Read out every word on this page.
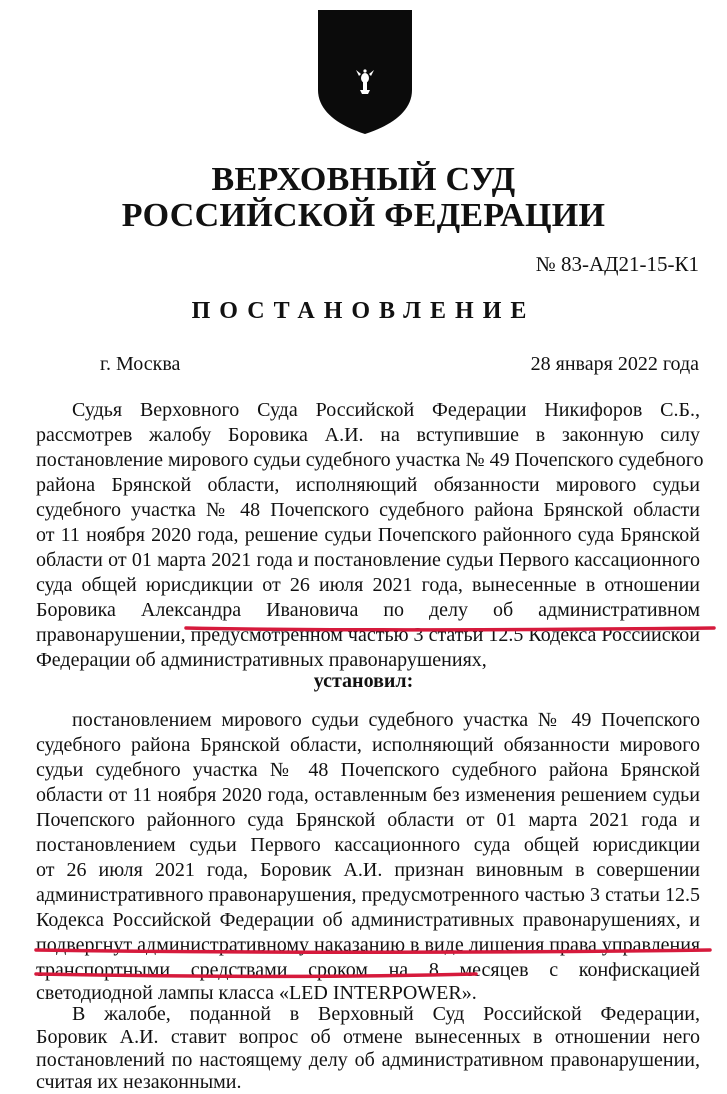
ВЕРХОВНЫЙ СУД
РОССИЙСКОЙ ФЕДЕРАЦИИ
№ 83-АД21-15-К1
ПОСТАНОВЛЕНИЕ
г. Москва	28 января 2022 года
Судья Верховного Суда Российской Федерации Никифоров С.Б.,
рассмотрев жалобу Боровика А.И. на вступившие в законную силу
постановление мирового судьи судебного участка № 49 Почепского судебного
района Брянской области, исполняющий обязанности мирового судьи
судебного участка № 48 Почепского судебного района Брянской области
от 11 ноября 2020 года, решение судьи Почепского районного суда Брянской
области от 01 марта 2021 года и постановление судьи Первого кассационного
суда общей юрисдикции от 26 июля 2021 года, вынесенные в отношении
Боровика Александра Ивановича по делу об административном
правонарушении, предусмотренном частью 3 статьи 12.5 Кодекса Российской
Федерации об административных правонарушениях,
установил:
постановлением мирового судьи судебного участка № 49 Почепского
судебного района Брянской области, исполняющий обязанности мирового
судьи судебного участка № 48 Почепского судебного района Брянской
области от 11 ноября 2020 года, оставленным без изменения решением судьи
Почепского районного суда Брянской области от 01 марта 2021 года и
постановлением судьи Первого кассационного суда общей юрисдикции
от 26 июля 2021 года, Боровик А.И. признан виновным в совершении
административного правонарушения, предусмотренного частью 3 статьи 12.5
Кодекса Российской Федерации об административных правонарушениях, и
подвергнут административному наказанию в виде лишения права управления
транспортными средствами сроком на 8 месяцев с конфискацией
светодиодной лампы класса «LED INTERPOWER».
В жалобе, поданной в Верховный Суд Российской Федерации,
Боровик А.И. ставит вопрос об отмене вынесенных в отношении него
постановлений по настоящему делу об административном правонарушении,
считая их незаконными.
